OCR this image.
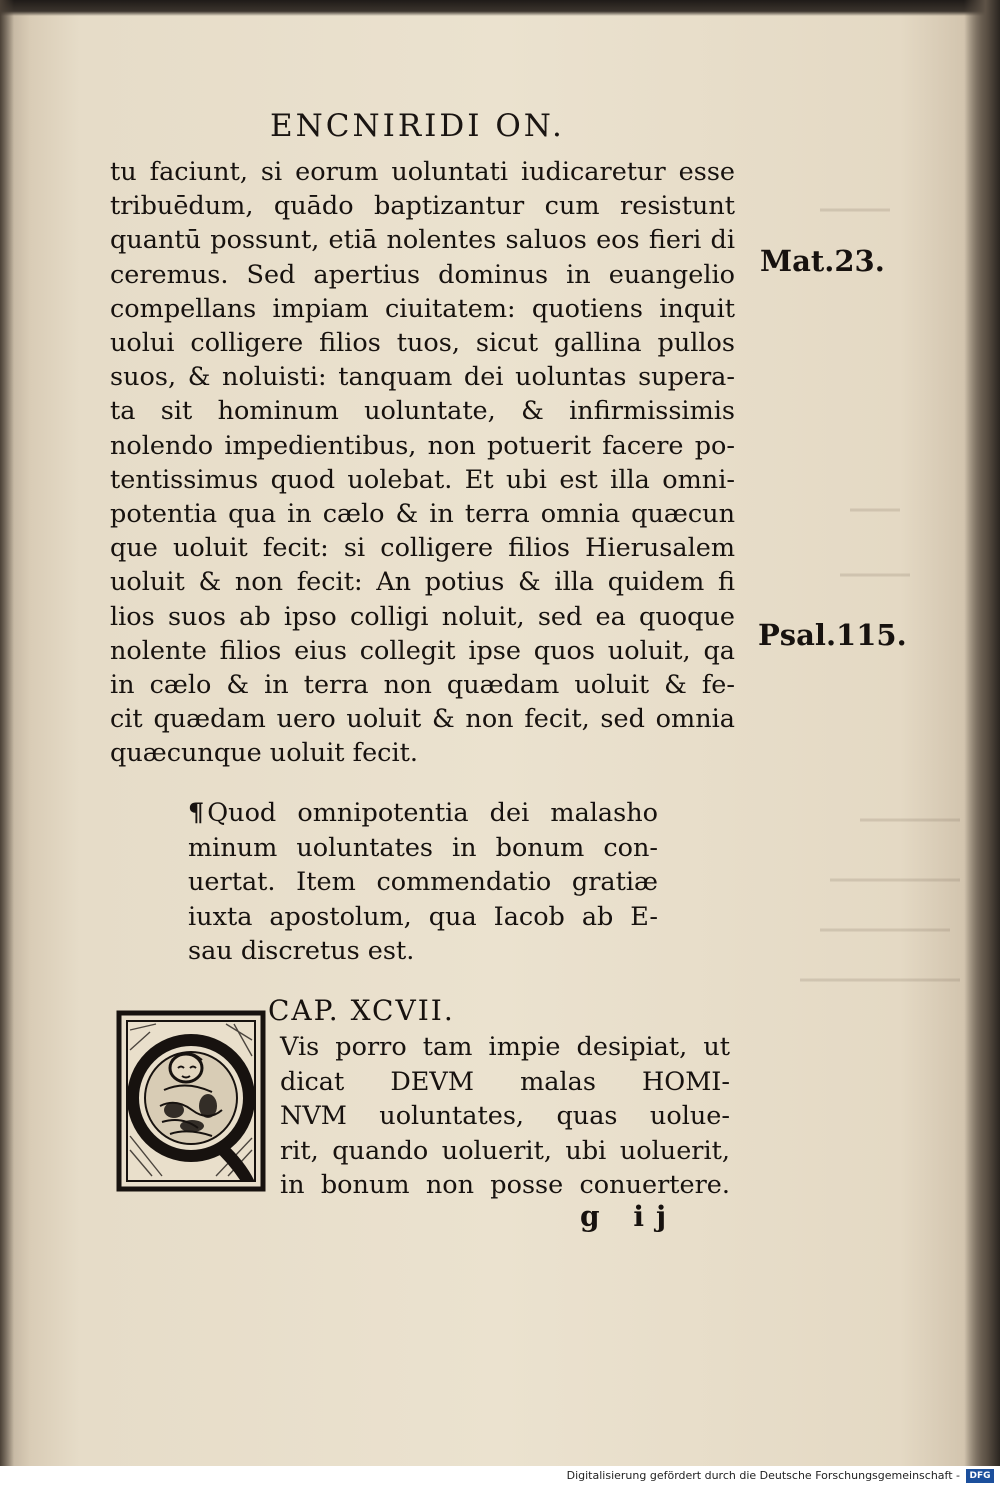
ENCNIRIDI ON.
tu faciunt, si eorum uoluntati iudicaretur esse
tribuēdum, quādo baptizantur cum resistunt
quantū possunt, etiā nolentes saluos eos fieri di
ceremus. Sed apertius dominus in euangelio
compellans impiam ciuitatem: quotiens inquit
uolui colligere filios tuos, sicut gallina pullos
suos, & noluisti: tanquam dei uoluntas supera-
ta sit hominum uoluntate, & infirmissimis
nolendo impedientibus, non potuerit facere po-
tentissimus quod uolebat. Et ubi est illa omni-
potentia qua in cælo & in terra omnia quæcun
que uoluit fecit: si colligere filios Hierusalem
uoluit & non fecit: An potius & illa quidem fi
lios suos ab ipso colligi noluit, sed ea quoque
nolente filios eius collegit ipse quos uoluit, qa
in cælo & in terra non quædam uoluit & fe-
cit quædam uero uoluit & non fecit, sed omnia
quæcunque uoluit fecit.
Mat.23.
Psal.115.
¶ Quod omnipotentia dei malasho
minum uoluntates in bonum con-
uertat. Item commendatio gratiæ
iuxta apostolum, qua Iacob ab E-
sau discretus est.
CAP. XCVII.
Vis porro tam impie desipiat, ut
dicat DEVM malas HOMI-
NVM uoluntates, quas uolue-
rit, quando uoluerit, ubi uoluerit,
in bonum non posse conuertere.
g ij
Digitalisierung gefördert durch die Deutsche Forschungsgemeinschaft -	DFG
